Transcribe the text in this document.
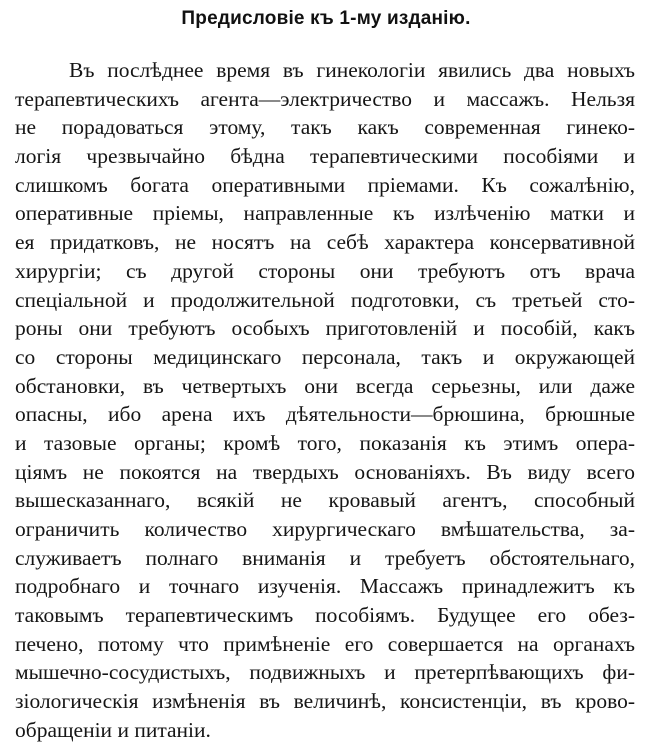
Предисловіе къ 1-му изданію.
Въ послѣднее время въ гинекологіи явились два новыхъ
терапевтическихъ агента—электричество и массажъ. Нельзя
не порадоваться этому, такъ какъ современная гинеко-
логія чрезвычайно бѣдна терапевтическими пособіями и
слишкомъ богата оперативными пріемами. Къ сожалѣнію,
оперативные пріемы, направленные къ излѣченію матки и
ея придатковъ, не носятъ на себѣ характера консервативной
хирургіи; съ другой стороны они требуютъ отъ врача
спеціальной и продолжительной подготовки, съ третьей сто-
роны они требуютъ особыхъ приготовленій и пособій, какъ
со стороны медицинскаго персонала, такъ и окружающей
обстановки, въ четвертыхъ они всегда серьезны, или даже
опасны, ибо арена ихъ дѣятельности—брюшина, брюшные
и тазовые органы; кромѣ того, показанія къ этимъ опера-
ціямъ не покоятся на твердыхъ основаніяхъ. Въ виду всего
вышесказаннаго, всякій не кровавый агентъ, способный
ограничить количество хирургическаго вмѣшательства, за-
служиваетъ полнаго вниманія и требуетъ обстоятельнаго,
подробнаго и точнаго изученія. Массажъ принадлежитъ къ
таковымъ терапевтическимъ пособіямъ. Будущее его обез-
печено, потому что примѣненіе его совершается на органахъ
мышечно-сосудистыхъ, подвижныхъ и претерпѣвающихъ фи-
зіологическія измѣненія въ величинѣ, консистенціи, въ крово-
обращеніи и питаніи.
